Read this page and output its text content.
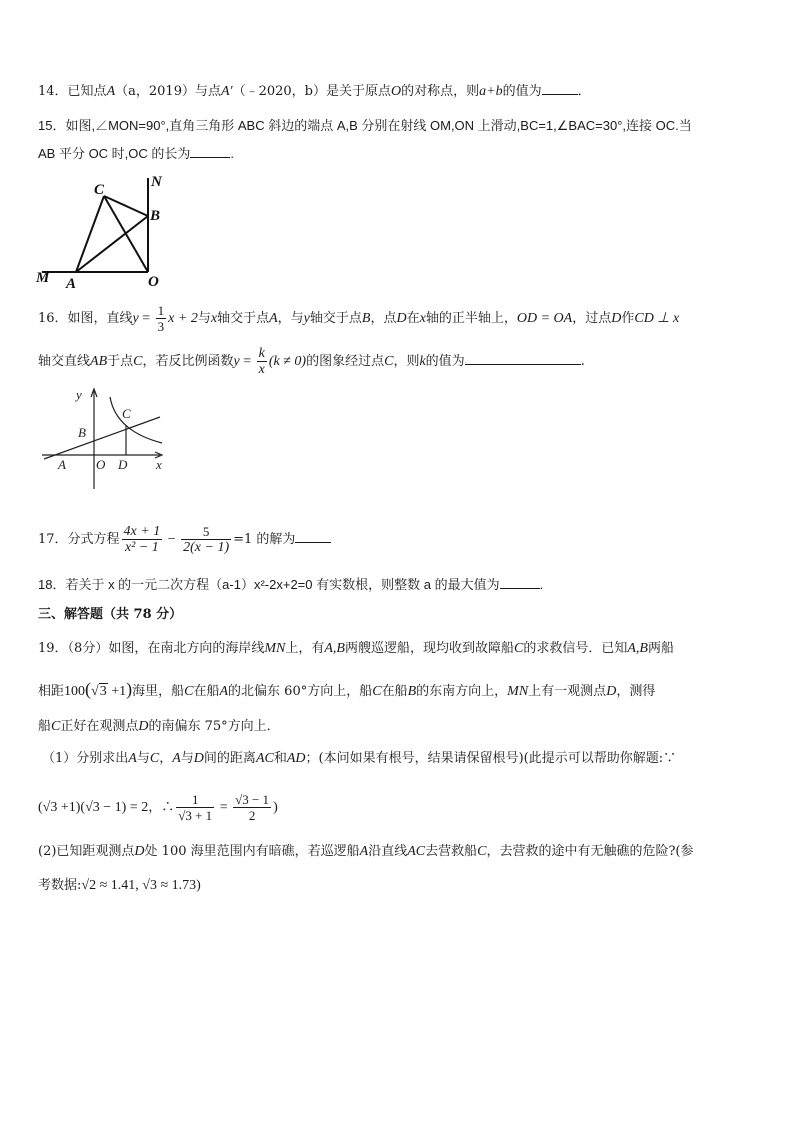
14．已知点A（a，2019）与点A′（﹣2020，b）是关于原点O的对称点，则a+b的值为	．
15．如图,∠MON=90°,直角三角形 ABC 斜边的端点 A,B 分别在射线 OM,ON 上滑动,BC=1,∠BAC=30°,连接 OC.当
AB 平分 OC 时,OC 的长为	.
C	N
B
M A	O
16．如图，直线$y = \frac{1}{3}$ x + 2与x轴交于点A，与y轴交于点B，点D在x轴的正半轴上，OD = OA，过点D作CD ⊥ x
轴交直线AB于点C，若反比例函数$y = \frac{k}{x} (k \ne 0)$的图象经过点C，则k的值为	.
y
C
B
A O D x
17．分式方程 $\frac{4x + 1}{\text{x² − 1}} - \frac{5}{2(x - 1)} =1$ 的解为
18．若关于 x 的一元二次方程（a-1）x²-2x+2=0 有实数根，则整数 a 的最大值为	.
三、解答题（共 78 分）
19．（8分）如图，在南北方向的海岸线MN上，有A,B两艘巡逻船，现均收到故障船C的求救信号．已知A,B两船
相距100(√3 +1)海里，船C在船A的北偏东 60°方向上，船C在船B的东南方向上，MN上有一观测点D，测得
船C正好在观测点D的南偏东 75°方向上．
（1）分别求出A与C，A与D间的距离AC和AD；(本问如果有根号，结果请保留根号)(此提示可以帮助你解题:∵
(√3 +1)(√3 − 1) = 2，∴ $\frac{1}{√3 + 1} = \frac{√3 - 1}{2}$ )
(2)已知距观测点D处 100 海里范围内有暗礁，若巡逻船A沿直线AC去营救船C，去营救的途中有无触礁的危险?(参
考数据:√2 ≈ 1.41, √3 ≈ 1.73)
